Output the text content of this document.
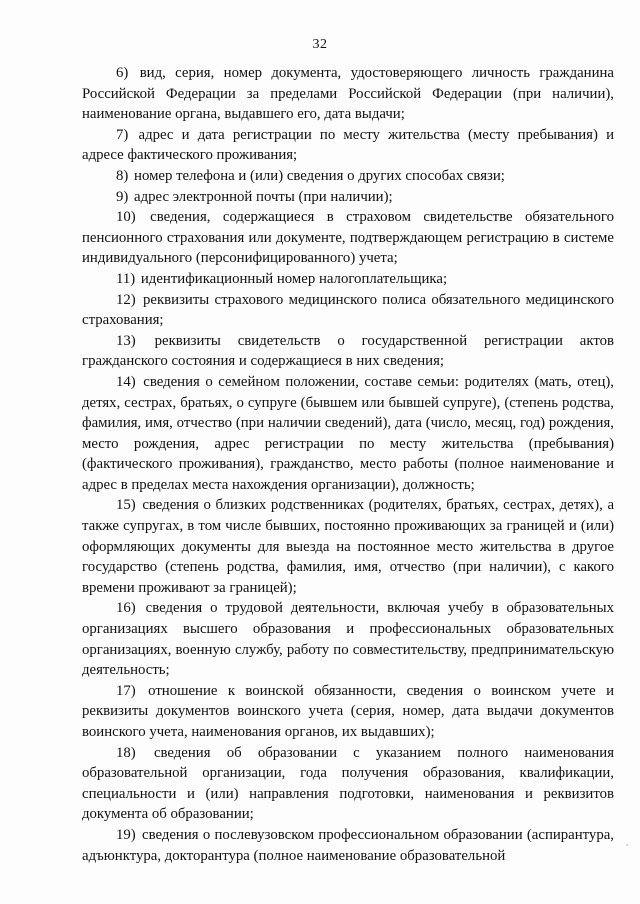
32

6) вид, серия, номер документа, удостоверяющего личность гражданина Российской Федерации за пределами Российской Федерации (при наличии), наименование органа, выдавшего его, дата выдачи;

7) адрес и дата регистрации по месту жительства (месту пребывания) и адресе фактического проживания;

8) номер телефона и (или) сведения о других способах связи;

9) адрес электронной почты (при наличии);

10) сведения, содержащиеся в страховом свидетельстве обязательного пенсионного страхования или документе, подтверждающем регистрацию в системе индивидуального (персонифицированного) учета;

11) идентификационный номер налогоплательщика;

12) реквизиты страхового медицинского полиса обязательного медицинского страхования;

13) реквизиты свидетельств о государственной регистрации актов гражданского состояния и содержащиеся в них сведения;

14) сведения о семейном положении, составе семьи: родителях (мать, отец), детях, сестрах, братьях, о супруге (бывшем или бывшей супруге), (степень родства, фамилия, имя, отчество (при наличии сведений), дата (число, месяц, год) рождения, место рождения, адрес регистрации по месту жительства (пребывания) (фактического проживания), гражданство, место работы (полное наименование и адрес в пределах места нахождения организации), должность;

15) сведения о близких родственниках (родителях, братьях, сестрах, детях), а также супругах, в том числе бывших, постоянно проживающих за границей и (или) оформляющих документы для выезда на постоянное место жительства в другое государство (степень родства, фамилия, имя, отчество (при наличии), с какого времени проживают за границей);

16) сведения о трудовой деятельности, включая учебу в образовательных организациях высшего образования и профессиональных образовательных организациях, военную службу, работу по совместительству, предпринимательскую деятельность;

17) отношение к воинской обязанности, сведения о воинском учете и реквизиты документов воинского учета (серия, номер, дата выдачи документов воинского учета, наименования органов, их выдавших);

18) сведения об образовании с указанием полного наименования образовательной организации, года получения образования, квалификации, специальности и (или) направления подготовки, наименования и реквизитов документа об образовании;

19) сведения о послевузовском профессиональном образовании (аспирантура, адъюнктура, докторантура (полное наименование образовательной
